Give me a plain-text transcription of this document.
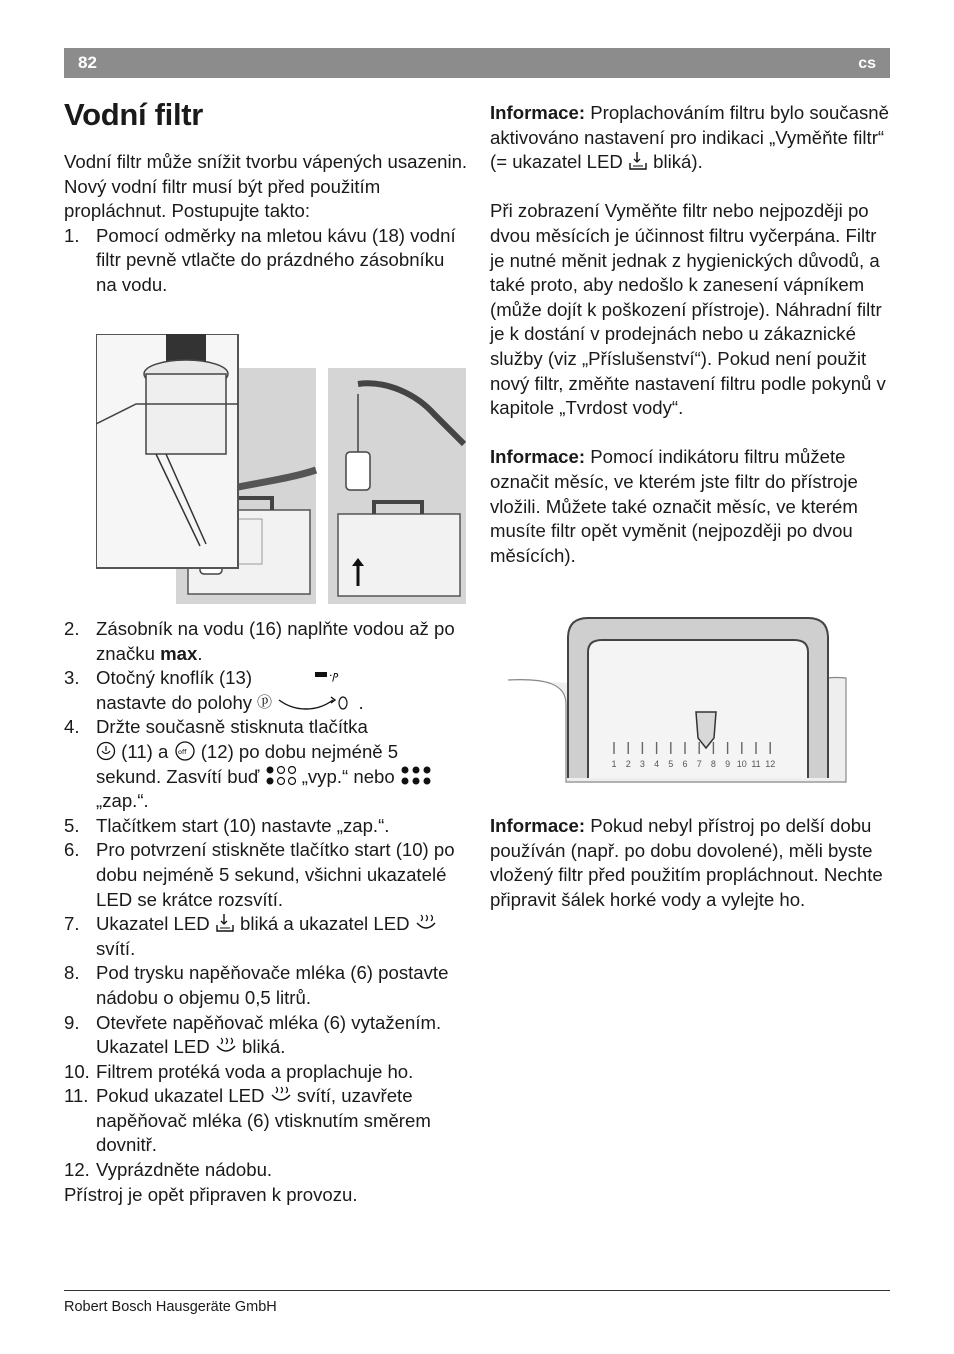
82	cs
Vodní filtr

Vodní filtr může snížit tvorbu vápených usazenin.

Nový vodní filtr musí být před použitím propláchnut. Postupujte takto:

1. Pomocí odměrky na mletou kávu (18) vodní filtr pevně vtlačte do prázdného zásobníku na vodu.
2. Zásobník na vodu (16) naplňte vodou až po značku max.
3. Otočný knoflík (13)	·ⳏ

nastavte do polohy ⓟ	.
4. Držte současně stisknuta tlačítka
(11) a off (12) po dobu nejméně 5 sekund. Zasvítí buď  „vyp.“ nebo  „zap.“.
5. Tlačítkem start (10) nastavte „zap.“.
6. Pro potvrzení stiskněte tlačítko start (10) po dobu nejméně 5 sekund, všichni ukazatelé LED se krátce rozsvítí.
7. Ukazatel LED  bliká a ukazatel LED  svítí.
8. Pod trysku napěňovače mléka (6) postavte nádobu o objemu 0,5 litrů.
9. Otevřete napěňovač mléka (6) vytažením. Ukazatel LED  bliká.
10. Filtrem protéká voda a proplachuje ho.
11. Pokud ukazatel LED  svítí, uzavřete napěňovač mléka (6) vtisknutím směrem dovnitř.
12. Vyprázdněte nádobu.

Přístroj je opět připraven k provozu.

Informace: Proplachováním filtru bylo současně aktivováno nastavení pro indikaci „Vyměňte filtr“ (= ukazatel LED  bliká).

Při zobrazení Vyměňte filtr nebo nejpozději po dvou měsících je účinnost filtru vyčerpána. Filtr je nutné měnit jednak z hygienických důvodů, a také proto, aby nedošlo k zanesení vápníkem (může dojít k poškození přístroje). Náhradní filtr je k dostání v prodejnách nebo u zákaznické služby (viz „Příslušenství“). Pokud není použit nový filtr, změňte nastavení filtru podle pokynů v kapitole „Tvrdost vody“.

Informace: Pomocí indikátoru filtru můžete označit měsíc, ve kterém jste filtr do přístroje vložili. Můžete také označit měsíc, ve kterém musíte filtr opět vyměnit (nejpozději po dvou měsících).

1 2 3 4 5 6 7 8 9 10 11 12

Informace: Pokud nebyl přístroj po delší dobu používán (např. po dobu dovolené), měli byste vložený filtr před použitím propláchnout. Nechte připravit šálek horké vody a vylejte ho.

Robert Bosch Hausgeräte GmbH
